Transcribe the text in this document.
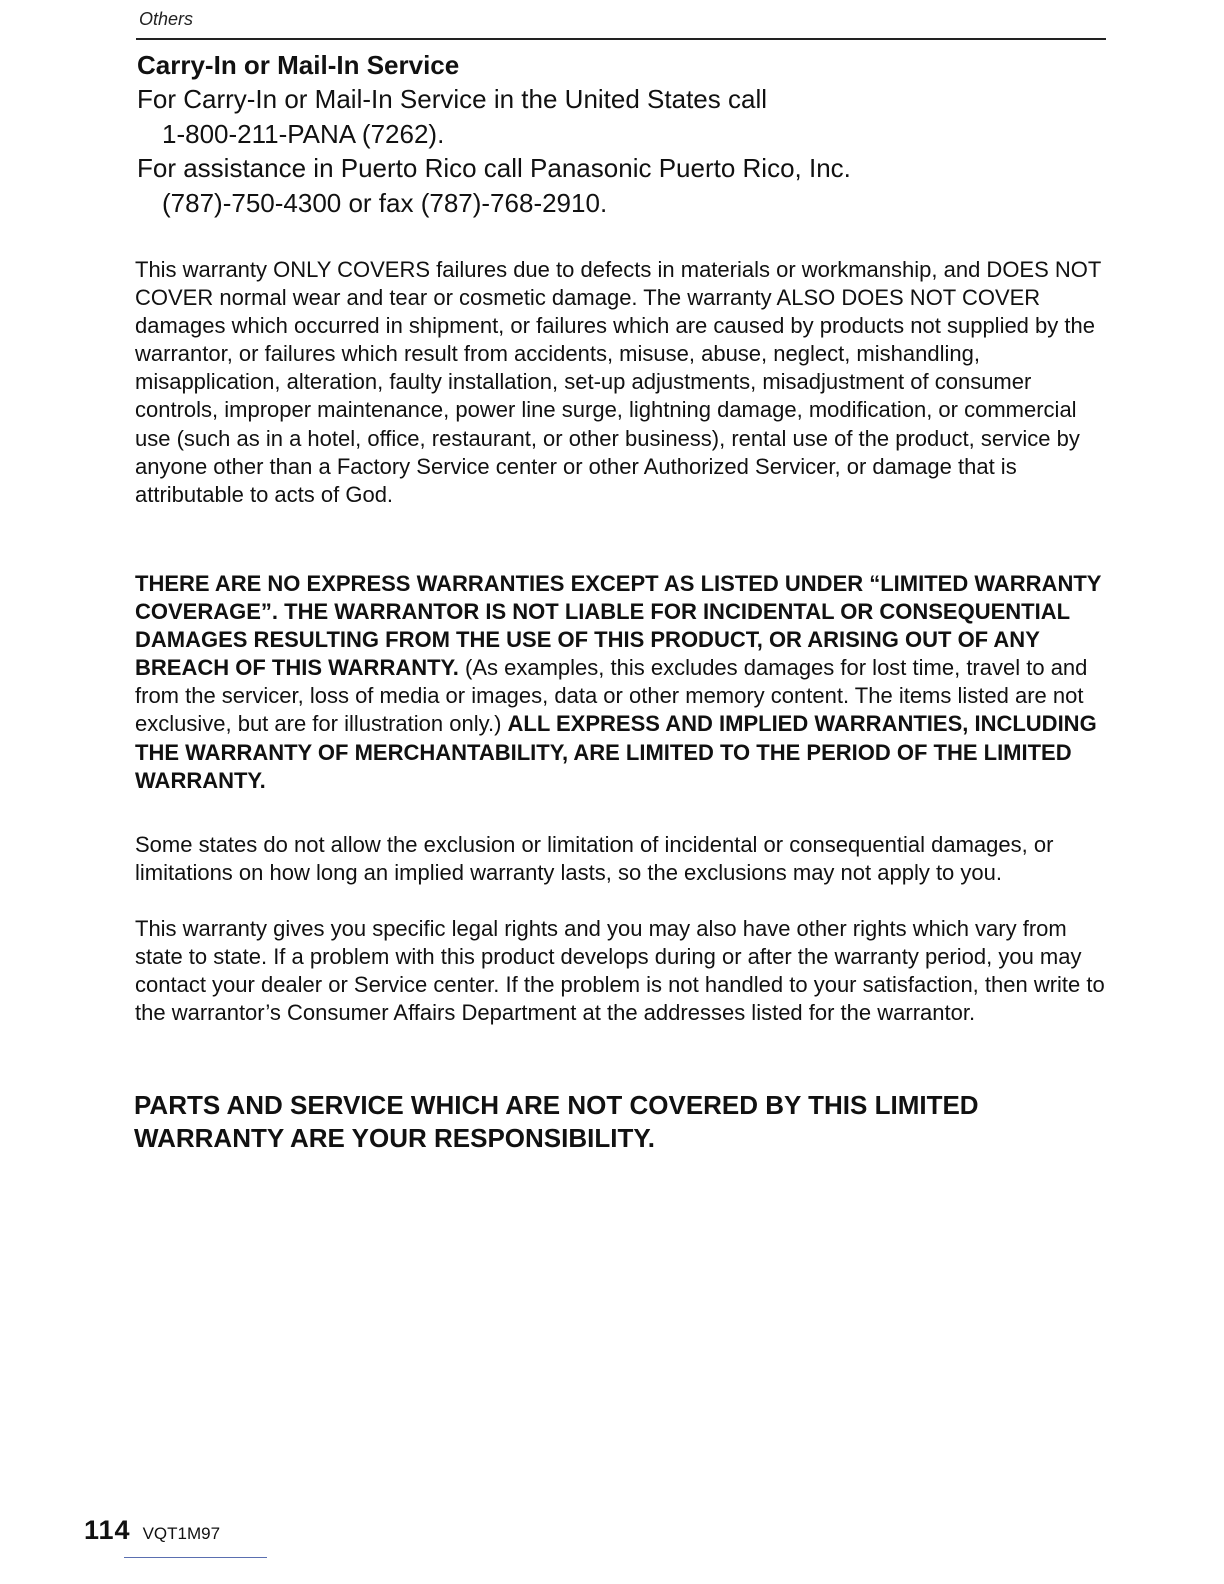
Others

Carry-In or Mail-In Service

For Carry-In or Mail-In Service in the United States call

1-800-211-PANA (7262).

For assistance in Puerto Rico call Panasonic Puerto Rico, Inc.

(787)-750-4300 or fax (787)-768-2910.

This warranty ONLY COVERS failures due to defects in materials or workmanship, and DOES NOT COVER normal wear and tear or cosmetic damage. The warranty ALSO DOES NOT COVER damages which occurred in shipment, or failures which are caused by products not supplied by the warrantor, or failures which result from accidents, misuse, abuse, neglect, mishandling, misapplication, alteration, faulty installation, set-up adjustments, misadjustment of consumer controls, improper maintenance, power line surge, lightning damage, modification, or commercial use (such as in a hotel, office, restaurant, or other business), rental use of the product, service by anyone other than a Factory Service center or other Authorized Servicer, or damage that is attributable to acts of God.

THERE ARE NO EXPRESS WARRANTIES EXCEPT AS LISTED UNDER “LIMITED WARRANTY COVERAGE”. THE WARRANTOR IS NOT LIABLE FOR INCIDENTAL OR CONSEQUENTIAL DAMAGES RESULTING FROM THE USE OF THIS PRODUCT, OR ARISING OUT OF ANY BREACH OF THIS WARRANTY. (As examples, this excludes damages for lost time, travel to and from the servicer, loss of media or images, data or other memory content. The items listed are not exclusive, but are for illustration only.) ALL EXPRESS AND IMPLIED WARRANTIES, INCLUDING THE WARRANTY OF MERCHANTABILITY, ARE LIMITED TO THE PERIOD OF THE LIMITED WARRANTY.

Some states do not allow the exclusion or limitation of incidental or consequential damages, or limitations on how long an implied warranty lasts, so the exclusions may not apply to you.

This warranty gives you specific legal rights and you may also have other rights which vary from state to state. If a problem with this product develops during or after the warranty period, you may contact your dealer or Service center. If the problem is not handled to your satisfaction, then write to the warrantor’s Consumer Affairs Department at the addresses listed for the warrantor.

PARTS AND SERVICE WHICH ARE NOT COVERED BY THIS LIMITED WARRANTY ARE YOUR RESPONSIBILITY.

114 VQT1M97
